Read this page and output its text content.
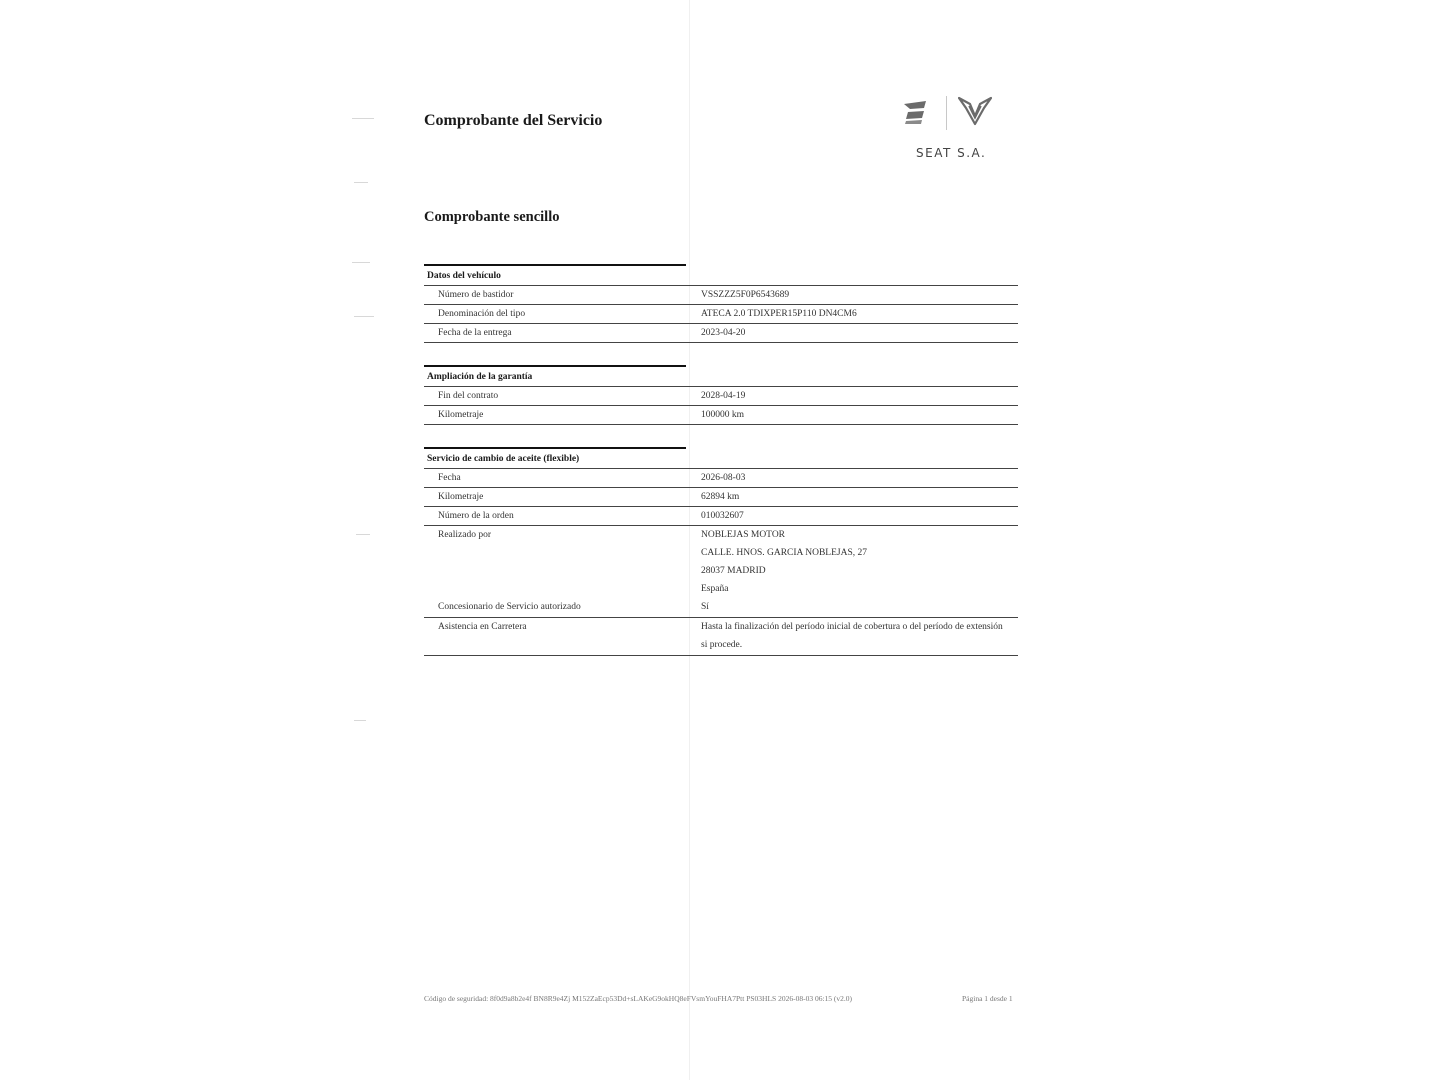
Comprobante del Servicio
SEAT S.A.
Comprobante sencillo
Datos del vehículo
Número de bastidor	VSSZZZ5F0P6543689
Denominación del tipo	ATECA 2.0 TDIXPER15P110 DN4CM6
Fecha de la entrega	2023-04-20
Ampliación de la garantía
Fin del contrato	2028-04-19
Kilometraje	100000 km
Servicio de cambio de aceite (flexible)
Fecha	2026-08-03
Kilometraje	62894 km
Número de la orden	010032607
Realizado por	NOBLEJAS MOTOR
CALLE. HNOS. GARCIA NOBLEJAS, 27
28037 MADRID
España
Concesionario de Servicio autorizado	Sí
Asistencia en Carretera	Hasta la finalización del período inicial de cobertura o del período de extensión
si procede.
Código de seguridad: 8f0d9a8b2e4f BN8R9e4Zj M152ZaEcp53Dd+sLAKeG9okHQ8eFVsmYouFHA7Ptt PS03HLS 2026-08-03 06:15 (v2.0)	Página 1 desde 1
